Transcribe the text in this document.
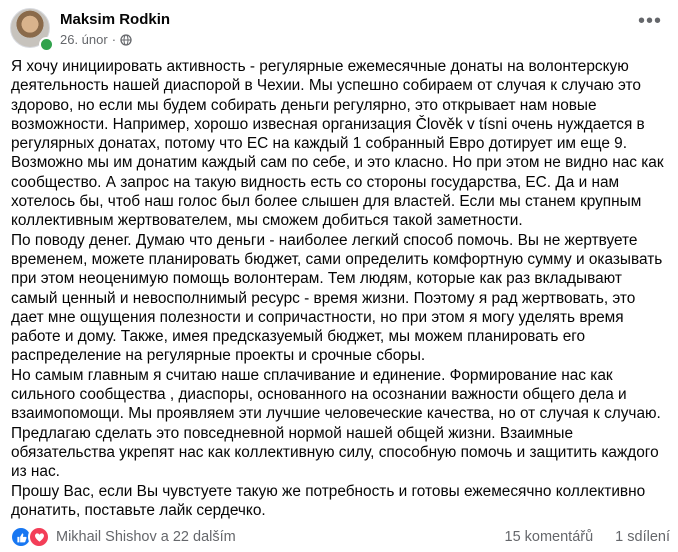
Maksim Rodkin
26. únor ·
•••

Я хочу инициировать активность - регулярные ежемесячные донаты на волонтерскую деятельность нашей диаспорой в Чехии. Мы успешно собираем от случая к случаю это здорово, но если мы будем собирать деньги регулярно, это открывает нам новые возможности. Например, хорошо извесная организация Člověk v tísni очень нуждается в регулярных донатах, потому что ЕС на каждый 1 собранный Евро дотирует им еще 9. Возможно мы им донатим каждый сам по себе, и это класно. Но при этом не видно нас как сообщество. А запрос на такую видность есть со стороны государства, ЕС. Да и нам хотелось бы, чтоб наш голос был более слышен для властей. Если мы станем крупным коллективным жертвователем, мы сможем добиться такой заметности.
По поводу денег. Думаю что деньги - наиболее легкий способ помочь. Вы не жертвуете временем, можете планировать бюджет, сами определить комфортную сумму и оказывать при этом неоценимую помощь волонтерам. Тем людям, которые как раз вкладывают самый ценный и невосполнимый ресурс - время жизни. Поэтому я рад жертвовать, это дает мне ощущения полезности и сопричастности, но при этом я могу уделять время работе и дому. Также, имея предсказуемый бюджет, мы можем планировать его распределение на регулярные проекты и срочные сборы.
Но самым главным я считаю наше сплачивание и единение. Формирование нас как сильного сообщества , диаспоры, основанного на осознании важности общего дела и взаимопомощи. Мы проявляем эти лучшие человеческие качества, но от случая к случаю. Предлагаю сделать это повседневной нормой нашей общей жизни. Взаимные обязательства укрепят нас как коллективную силу, способную помочь и защитить каждого из нас.
Прошу Вас, если Вы чувстуете такую же потребность и готовы ежемесячно коллективно донатить, поставьте лайк сердечко.

Mikhail Shishov a 22 dalším	15 komentářů 1 sdílení
